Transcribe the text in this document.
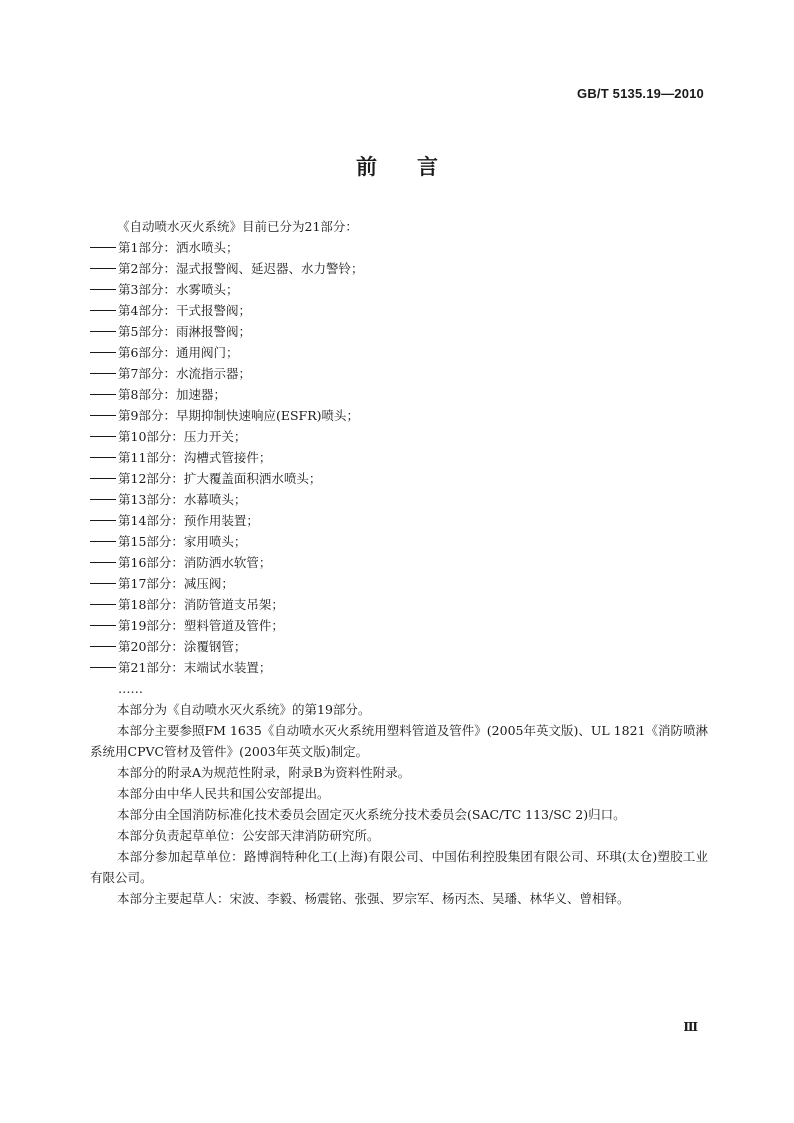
GB/T 5135.19—2010
前言
《自动喷水灭火系统》目前已分为21部分：
第1部分：洒水喷头；
第2部分：湿式报警阀、延迟器、水力警铃；
第3部分：水雾喷头；
第4部分：干式报警阀；
第5部分：雨淋报警阀；
第6部分：通用阀门；
第7部分：水流指示器；
第8部分：加速器；
第9部分：早期抑制快速响应(ESFR)喷头；
第10部分：压力开关；
第11部分：沟槽式管接件；
第12部分：扩大覆盖面积洒水喷头；
第13部分：水幕喷头；
第14部分：预作用装置；
第15部分：家用喷头；
第16部分：消防洒水软管；
第17部分：减压阀；
第18部分：消防管道支吊架；
第19部分：塑料管道及管件；
第20部分：涂覆钢管；
第21部分：末端试水装置；
……
本部分为《自动喷水灭火系统》的第19部分。
本部分主要参照FM 1635《自动喷水灭火系统用塑料管道及管件》(2005年英文版)、UL 1821《消防喷淋系统用CPVC管材及管件》(2003年英文版)制定。
本部分的附录A为规范性附录，附录B为资料性附录。
本部分由中华人民共和国公安部提出。
本部分由全国消防标准化技术委员会固定灭火系统分技术委员会(SAC/TC 113/SC 2)归口。
本部分负责起草单位：公安部天津消防研究所。
本部分参加起草单位：路博润特种化工(上海)有限公司、中国佑利控股集团有限公司、环琪(太仓)塑胶工业有限公司。
本部分主要起草人：宋波、李毅、杨震铭、张强、罗宗军、杨丙杰、吴璠、林华义、曾相铎。
Ⅲ
